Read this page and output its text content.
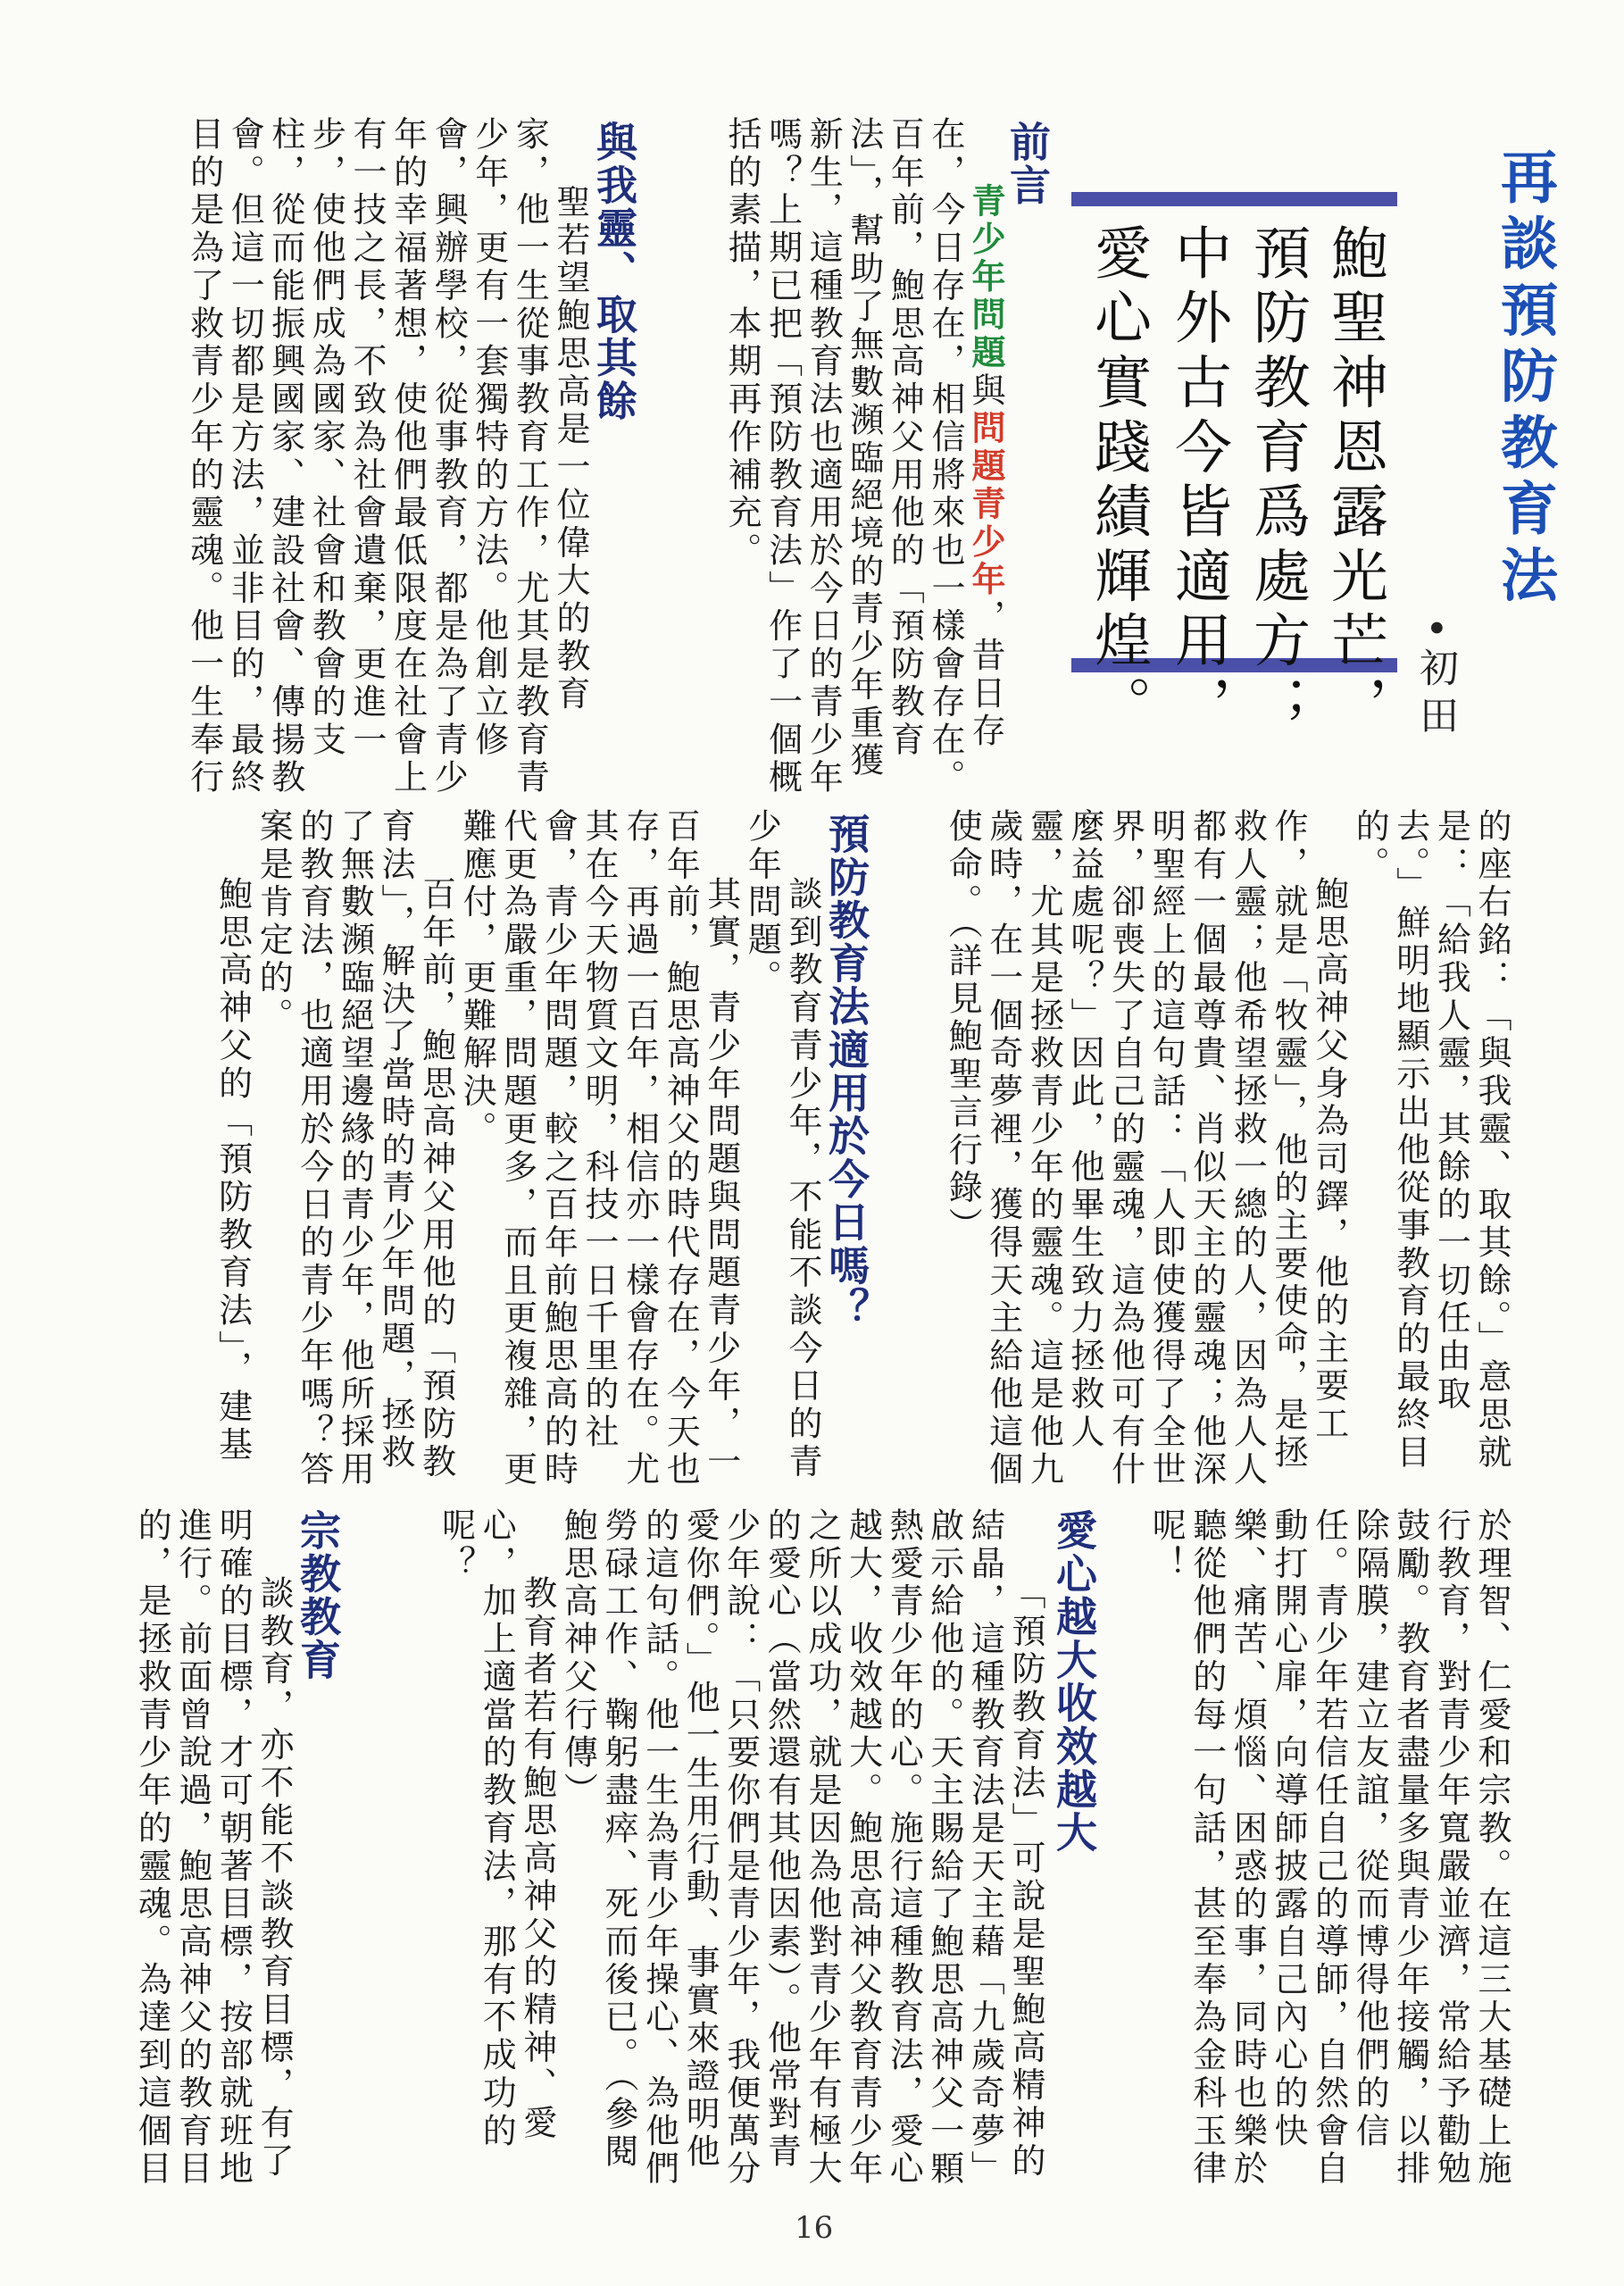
再談預防教育法
•初田
鮑聖神恩露光芒，
預防教育爲處方；
中外古今皆適用，
愛心實踐績輝煌。
前言
青少年問題與問題青少年，昔日存
在，今日存在，相信將來也一樣會存在。
百年前，鮑思高神父用他的「預防教育
法」，幫助了無數瀕臨絕境的青少年重獲
新生，這種教育法也適用於今日的青少年
嗎？上期已把「預防教育法」作了一個概
括的素描，本期再作補充。
與我靈、取其餘
聖若望鮑思高是一位偉大的教育
家，他一生從事教育工作，尤其是教育青
少年，更有一套獨特的方法。他創立修
會，興辦學校，從事教育，都是為了青少
年的幸福著想，使他們最低限度在社會上
有一技之長，不致為社會遺棄，更進一
步，使他們成為國家、社會和教會的支
柱，從而能振興國家、建設社會、傳揚教
會。但這一切都是方法，並非目的，最終
目的是為了救青少年的靈魂。他一生奉行
的座右銘：「與我靈、取其餘。」意思就
是：「給我人靈，其餘的一切任由取
去。」鮮明地顯示出他從事教育的最終目
的。
鮑思高神父身為司鐸，他的主要工
作，就是「牧靈」，他的主要使命，是拯
救人靈；他希望拯救一總的人，因為人人
都有一個最尊貴、肖似天主的靈魂；他深
明聖經上的這句話：「人即使獲得了全世
界，卻喪失了自己的靈魂，這為他可有什
麼益處呢？」因此，他畢生致力拯救人
靈，尤其是拯救青少年的靈魂。這是他九
歲時，在一個奇夢裡，獲得天主給他這個
使命。（詳見鮑聖言行錄）
預防教育法適用於今日嗎？
談到教育青少年，不能不談今日的青
少年問題。
其實，青少年問題與問題青少年，一
百年前，鮑思高神父的時代存在，今天也
存，再過一百年，相信亦一樣會存在。尤
其在今天物質文明，科技一日千里的社
會，青少年問題，較之百年前鮑思高的時
代更為嚴重，問題更多，而且更複雜，更
難應付，更難解決。
百年前，鮑思高神父用他的「預防教
育法」，解決了當時的青少年問題，拯救
了無數瀕臨絕望邊緣的青少年，他所採用
的教育法，也適用於今日的青少年嗎？答
案是肯定的。
鮑思高神父的「預防教育法」，建基
於理智、仁愛和宗教。在這三大基礎上施
行教育，對青少年寬嚴並濟，常給予勸勉
鼓勵。教育者盡量多與青少年接觸，以排
除隔膜，建立友誼，從而博得他們的信
任。青少年若信任自己的導師，自然會自
動打開心扉，向導師披露自己內心的快
樂、痛苦、煩惱、困惑的事，同時也樂於
聽從他們的每一句話，甚至奉為金科玉律
呢！
愛心越大收效越大
「預防教育法」可說是聖鮑高精神的
結晶，這種教育法是天主藉「九歲奇夢」
啟示給他的。天主賜給了鮑思高神父一顆
熱愛青少年的心。施行這種教育法，愛心
越大，收效越大。鮑思高神父教育青少年
之所以成功，就是因為他對青少年有極大
的愛心（當然還有其他因素）。他常對青
少年說：「只要你們是青少年，我便萬分
愛你們。」他一生用行動、事實來證明他
的這句話。他一生為青少年操心、為他們
勞碌工作、鞠躬盡瘁、死而後已。（參閱
鮑思高神父行傳）
教育者若有鮑思高神父的精神、愛
心，加上適當的教育法，那有不成功的
呢？
宗教教育
談教育，亦不能不談教育目標，有了
明確的目標，才可朝著目標，按部就班地
進行。前面曾說過，鮑思高神父的教育目
的，是拯救青少年的靈魂。為達到這個目
16
